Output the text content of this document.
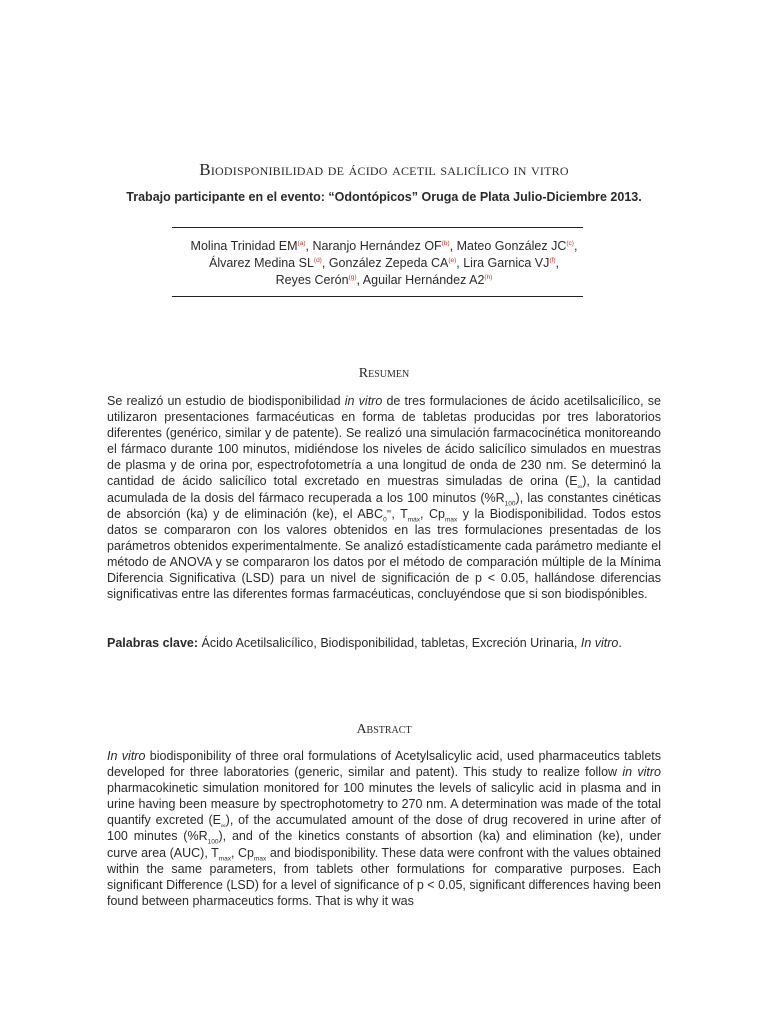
Biodisponibilidad de ácido acetil salicílico in vitro
Trabajo participante en el evento: “Odontópicos” Oruga de Plata Julio-Diciembre 2013.
Molina Trinidad EM$^{(a)}$, Naranjo Hernández OF$^{(b)}$, Mateo González JC$^{(c)}$,
Álvarez Medina SL$^{(d)}$, González Zepeda CA$^{(e)}$, Lira Garnica VJ$^{(f)}$,
Reyes Cerón$^{(g)}$, Aguilar Hernández A2$^{(h)}$
Resumen
Se realizó un estudio de biodisponibilidad in vitro de tres formulaciones de ácido acetilsalicílico, se utilizaron presentaciones farmacéuticas en forma de tabletas producidas por tres laboratorios diferentes (genérico, similar y de patente). Se realizó una simulación farmacocinética monitoreando el fármaco durante 100 minutos, midiéndose los niveles de ácido salicílico simulados en muestras de plasma y de orina por, espectrofotometría a una longitud de onda de 230 nm. Se determinó la cantidad de ácido salicílico total excretado en muestras simuladas de orina $(E_\infty)$, la cantidad acumulada de la dosis del fármaco recuperada a los 100 minutos $(\%R_{100})$, las constantes cinéticas de absorción (ka) y de eliminación (ke), el $ABC_0^\infty$, $T_{máx}$, $Cp_{max}$ y la Biodisponibilidad. Todos estos datos se compararon con los valores obtenidos en las tres formulaciones presentadas de los parámetros obtenidos experimentalmente. Se analizó estadísticamente cada parámetro mediante el método de ANOVA y se compararon los datos por el método de comparación múltiple de la Mínima Diferencia Significativa (LSD) para un nivel de significación de p < 0.05, hallándose diferencias significativas entre las diferentes formas farmacéuticas, concluyéndose que si son biodispónibles.
Palabras clave: Ácido Acetilsalicílico, Biodisponibilidad, tabletas, Excreción Urinaria, In vitro.
Abstract
In vitro biodisponibility of three oral formulations of Acetylsalicylic acid, used pharmaceutics tablets developed for three laboratories (generic, similar and patent). This study to realize follow in vitro pharmacokinetic simulation monitored for 100 minutes the levels of salicylic acid in plasma and in urine having been measure by spectrophotometry to 270 nm. A determination was made of the total quantify excreted $(E_\infty)$, of the accumulated amount of the dose of drug recovered in urine after of 100 minutes $(\%R_{100})$, and of the kinetics constants of absortion (ka) and elimination (ke), under curve area (AUC), $T_{max}$, $Cp_{max}$ and biodisponibility. These data were confront with the values obtained within the same parameters, from tablets other formulations for comparative purposes. Each significant Difference (LSD) for a level of significance of p < 0.05, significant differences having been found between pharmaceutics forms. That is why it was
